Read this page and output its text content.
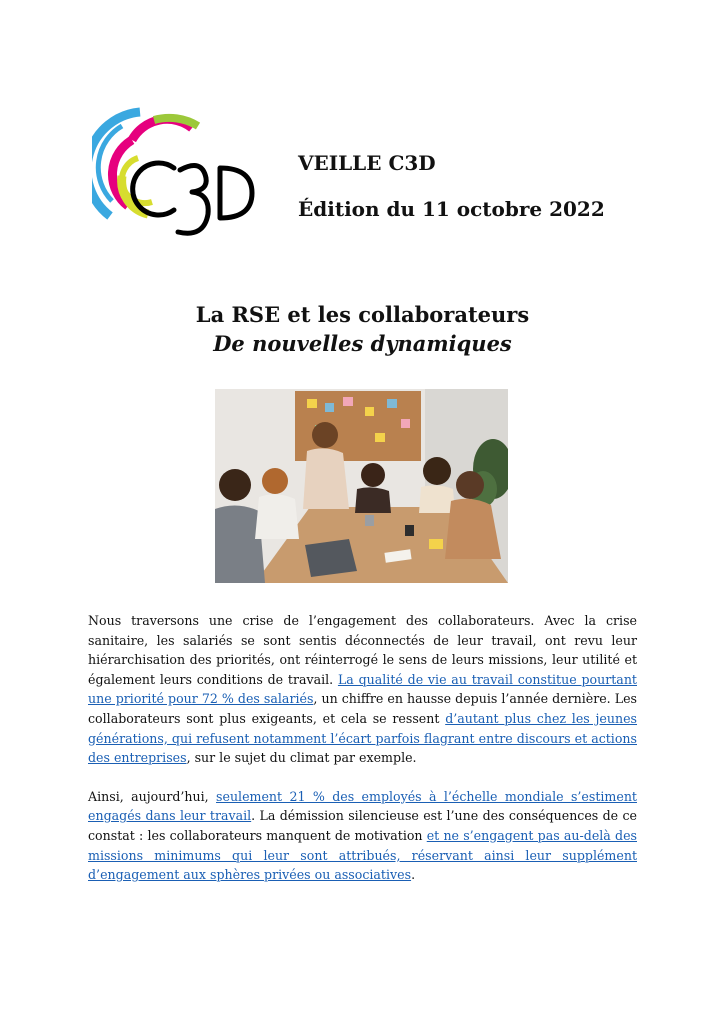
VEILLE C3D
Édition du 11 octobre 2022
La RSE et les collaborateurs
De nouvelles dynamiques

Nous traversons une crise de l’engagement des collaborateurs. Avec la crise sanitaire, les salariés se sont sentis déconnectés de leur travail, ont revu leur hiérarchisation des priorités, ont réinterrogé le sens de leurs missions, leur utilité et également leurs conditions de travail. La qualité de vie au travail constitue pourtant une priorité pour 72 % des salariés, un chiffre en hausse depuis l’année dernière. Les collaborateurs sont plus exigeants, et cela se ressent d’autant plus chez les jeunes générations, qui refusent notamment l’écart parfois flagrant entre discours et actions des entreprises, sur le sujet du climat par exemple.

Ainsi, aujourd’hui, seulement 21 % des employés à l’échelle mondiale s’estiment engagés dans leur travail. La démission silencieuse est l’une des conséquences de ce constat : les collaborateurs manquent de motivation et ne s’engagent pas au-delà des missions minimums qui leur sont attribués, réservant ainsi leur supplément d’engagement aux sphères privées ou associatives.
